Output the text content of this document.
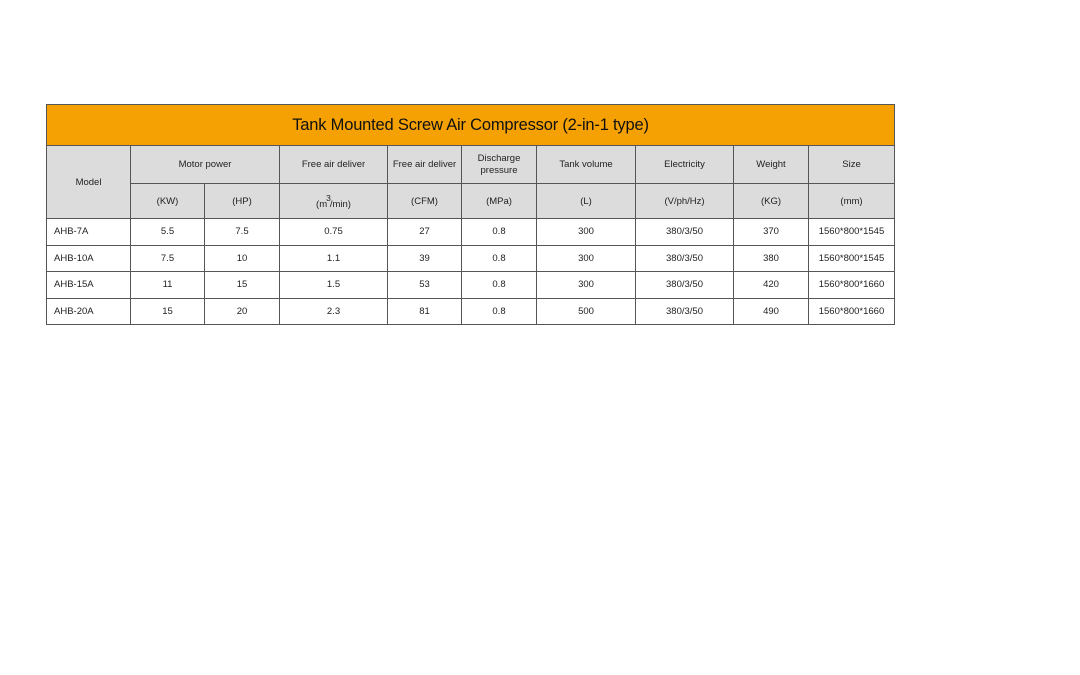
Tank Mounted Screw Air Compressor (2-in-1 type)									
Model	Motor power		Free air deliver	Free air deliver	Discharge pressure	Tank volume	Electricity	Weight	Size
	(KW)	(HP)	$(m^3/\min)$	(CFM)	(MPa)	(L)	(V/ph/Hz)	(KG)	(mm)
AHB-7A	5.5	7.5	0.75	27	0.8	300	380/3/50	370	1560*800*1545
AHB-10A	7.5	10	1.1	39	0.8	300	380/3/50	380	1560*800*1545
AHB-15A	11	15	1.5	53	0.8	300	380/3/50	420	1560*800*1660
AHB-20A	15	20	2.3	81	0.8	500	380/3/50	490	1560*800*1660
